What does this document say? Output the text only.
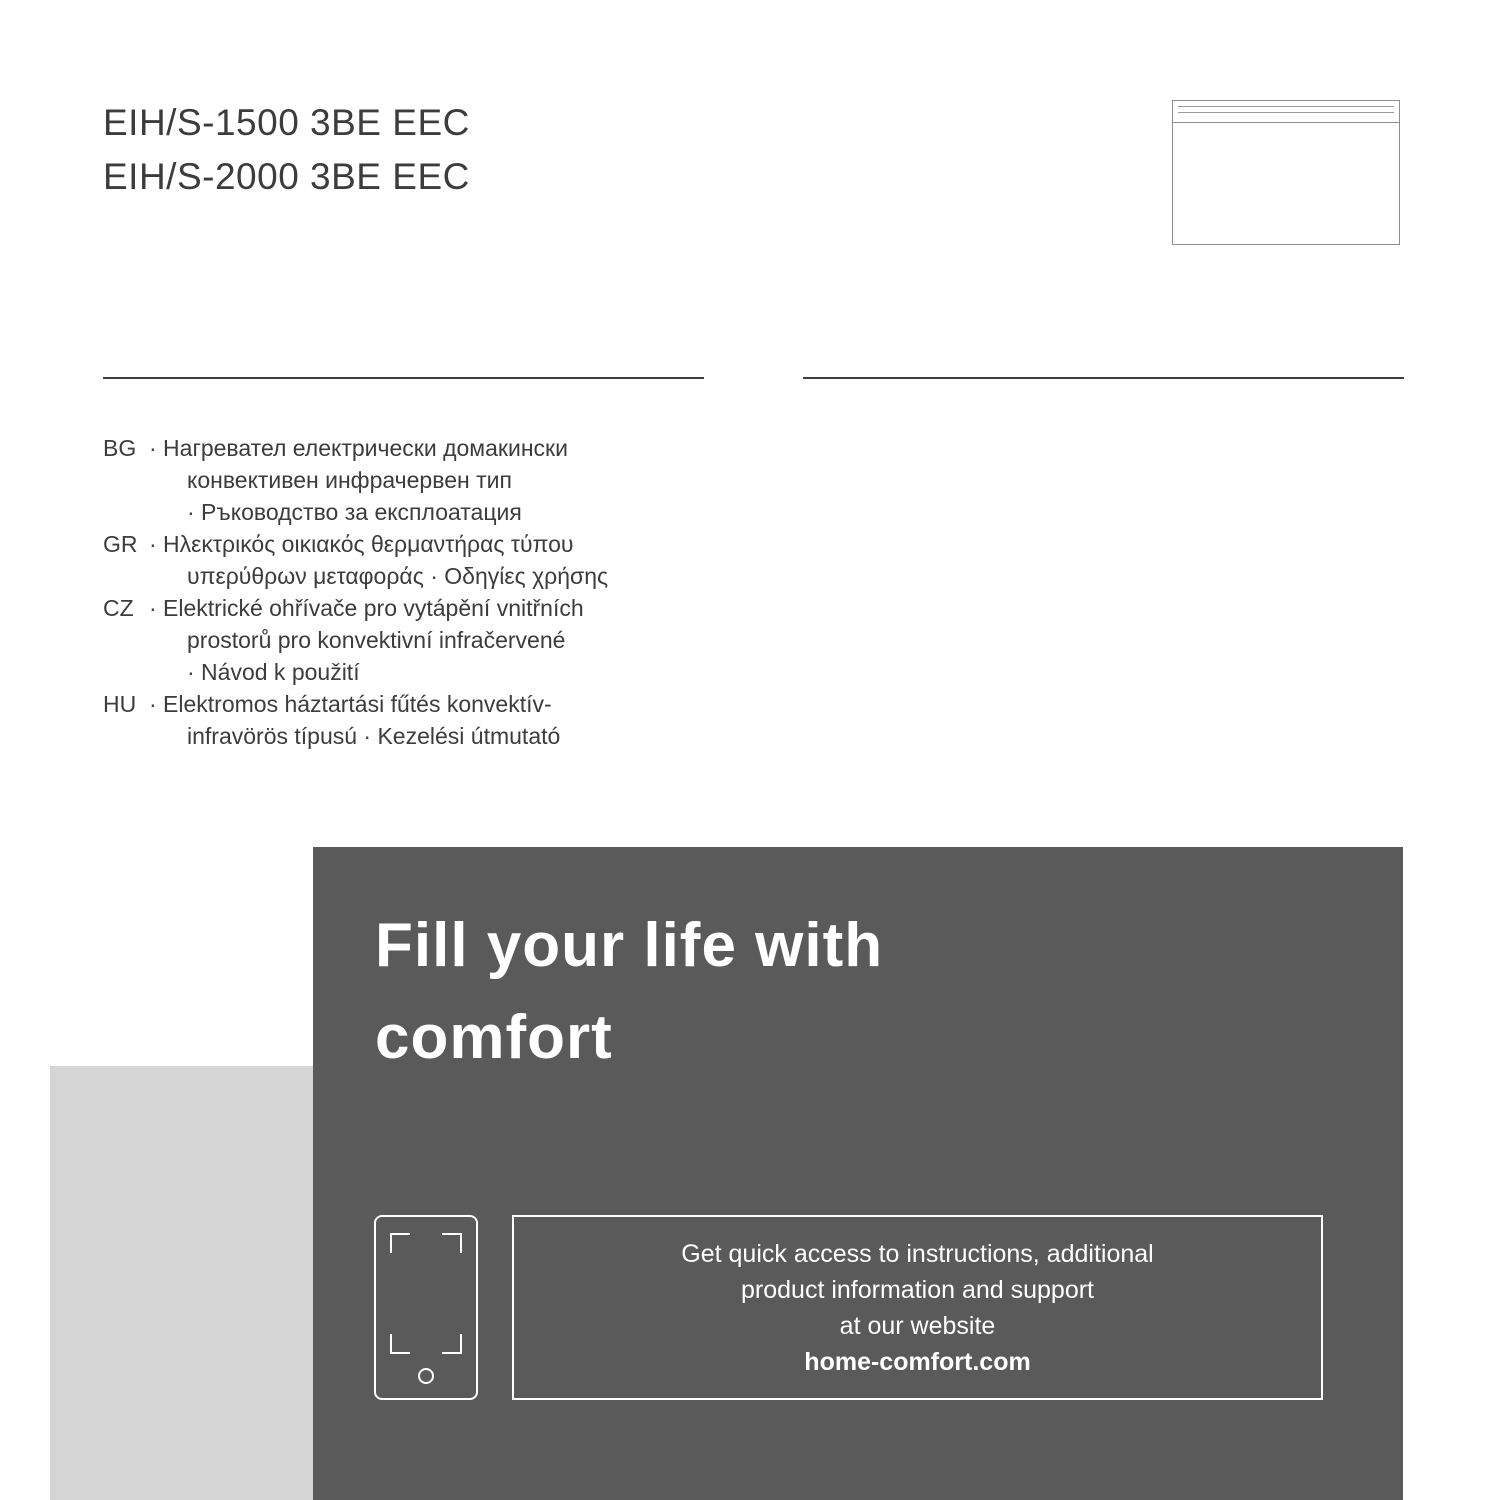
EIH/S-1500 3BE EEC
EIH/S-2000 3BE EEC
BG · Нагревател електрически домакински
конвективен инфрачервен тип
· Ръководство за експлоатация
GR · Ηλεκτρικός οικιακός θερμαντήρας τύπου
υπερύθρων μεταφοράς · Οδηγίες χρήσης
CZ · Elektrické ohřívače pro vytápění vnitřních
prostorů pro konvektivní infračervené
· Návod k použití
HU · Elektromos háztartási fűtés konvektív-
infravörös típusú · Kezelési útmutató
Fill your life with comfort
Get quick access to instructions, additional
product information and support
at our website
home-comfort.com
